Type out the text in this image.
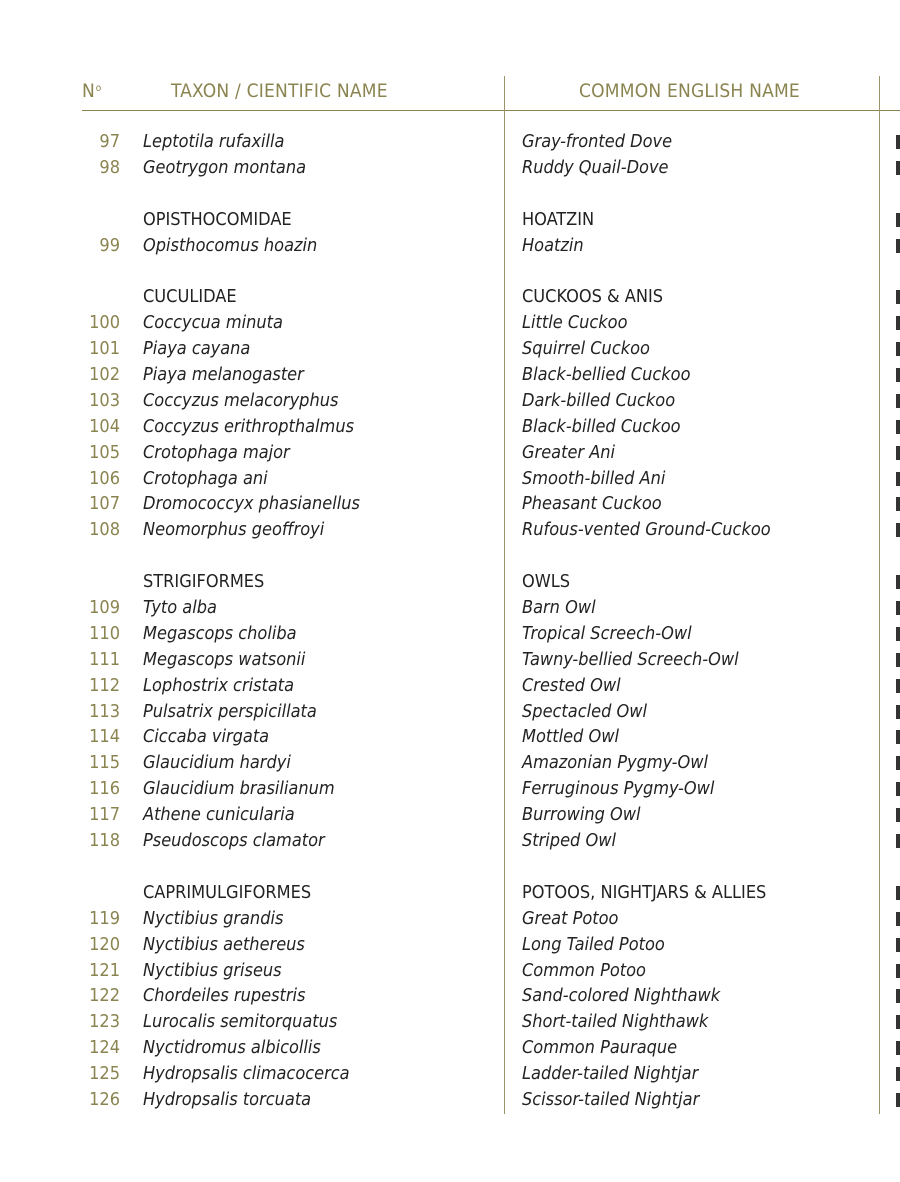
$N^o$	TAXON / CIENTIFIC NAME	COMMON ENGLISH NAME
97 Leptotila rufaxilla	Gray-fronted Dove
98 Geotrygon montana	Ruddy Quail-Dove
OPISTHOCOMIDAE	HOATZIN
99 Opisthocomus hoazin	Hoatzin
CUCULIDAE	CUCKOOS & ANIS
100 Coccycua minuta	Little Cuckoo
101 Piaya cayana	Squirrel Cuckoo
102 Piaya melanogaster	Black-bellied Cuckoo
103 Coccyzus melacoryphus	Dark-billed Cuckoo
104 Coccyzus erithropthalmus	Black-billed Cuckoo
105 Crotophaga major	Greater Ani
106 Crotophaga ani	Smooth-billed Ani
107 Dromococcyx phasianellus	Pheasant Cuckoo
108 Neomorphus geoffroyi	Rufous-vented Ground-Cuckoo
STRIGIFORMES	OWLS
109 Tyto alba	Barn Owl
110 Megascops choliba	Tropical Screech-Owl
111 Megascops watsonii	Tawny-bellied Screech-Owl
112 Lophostrix cristata	Crested Owl
113 Pulsatrix perspicillata	Spectacled Owl
114 Ciccaba virgata	Mottled Owl
115 Glaucidium hardyi	Amazonian Pygmy-Owl
116 Glaucidium brasilianum	Ferruginous Pygmy-Owl
117 Athene cunicularia	Burrowing Owl
118 Pseudoscops clamator	Striped Owl
CAPRIMULGIFORMES	POTOOS, NIGHTJARS & ALLIES
119 Nyctibius grandis	Great Potoo
120 Nyctibius aethereus	Long Tailed Potoo
121 Nyctibius griseus	Common Potoo
122 Chordeiles rupestris	Sand-colored Nighthawk
123 Lurocalis semitorquatus	Short-tailed Nighthawk
124 Nyctidromus albicollis	Common Pauraque
125 Hydropsalis climacocerca	Ladder-tailed Nightjar
126 Hydropsalis torcuata	Scissor-tailed Nightjar
